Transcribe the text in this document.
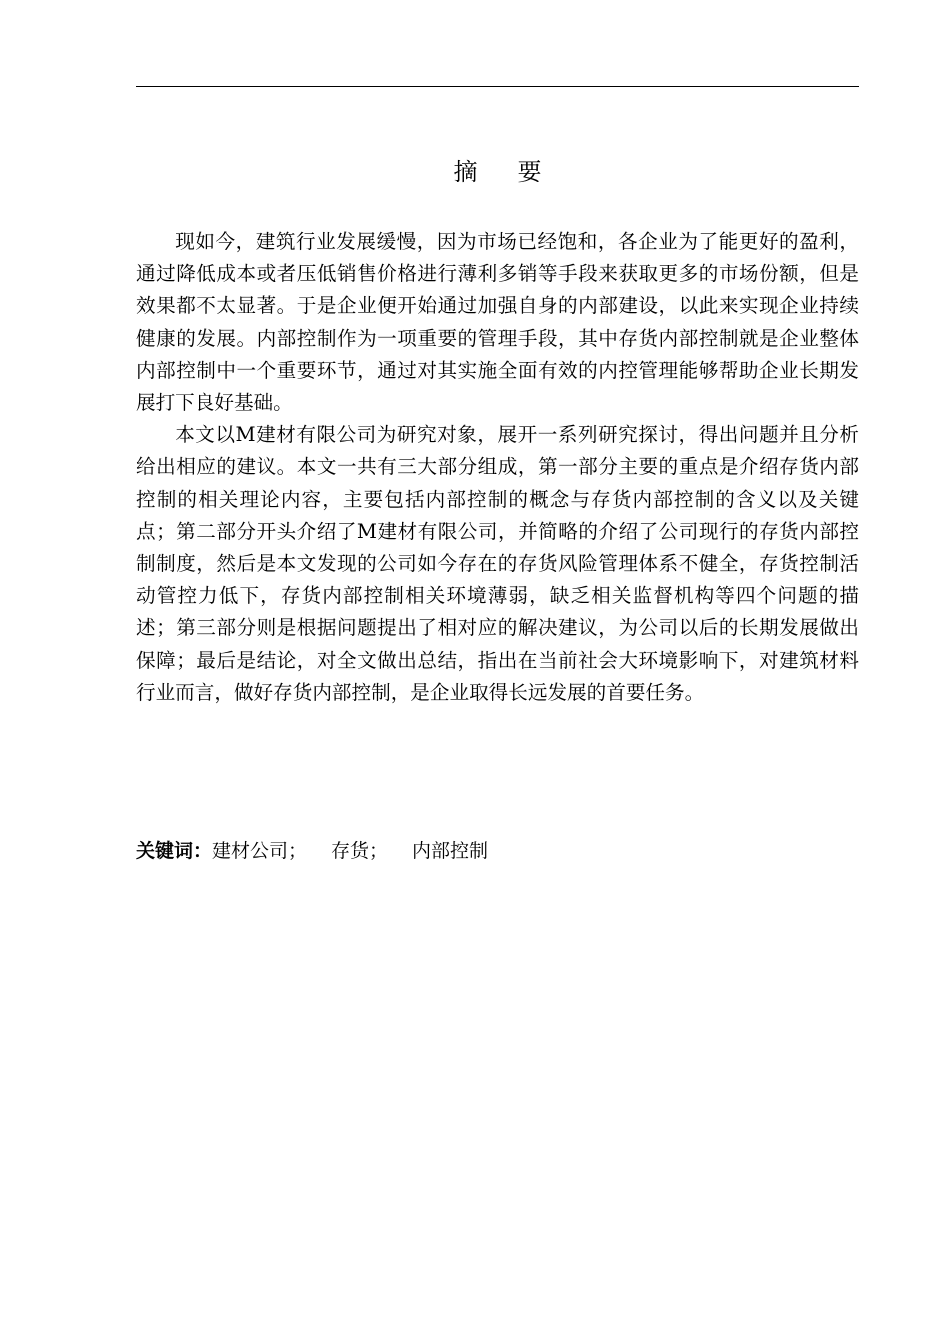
摘 要

现如今，建筑行业发展缓慢，因为市场已经饱和，各企业为了能更好的盈利，通过降低成本或者压低销售价格进行薄利多销等手段来获取更多的市场份额，但是效果都不太显著。于是企业便开始通过加强自身的内部建设，以此来实现企业持续健康的发展。内部控制作为一项重要的管理手段，其中存货内部控制就是企业整体内部控制中一个重要环节，通过对其实施全面有效的内控管理能够帮助企业长期发展打下良好基础。

本文以M建材有限公司为研究对象，展开一系列研究探讨，得出问题并且分析给出相应的建议。本文一共有三大部分组成，第一部分主要的重点是介绍存货内部控制的相关理论内容，主要包括内部控制的概念与存货内部控制的含义以及关键点；第二部分开头介绍了M建材有限公司，并简略的介绍了公司现行的存货内部控制制度，然后是本文发现的公司如今存在的存货风险管理体系不健全，存货控制活动管控力低下，存货内部控制相关环境薄弱，缺乏相关监督机构等四个问题的描述；第三部分则是根据问题提出了相对应的解决建议，为公司以后的长期发展做出保障；最后是结论，对全文做出总结，指出在当前社会大环境影响下，对建筑材料行业而言，做好存货内部控制，是企业取得长远发展的首要任务。

关键词：建材公司； 存货； 内部控制
